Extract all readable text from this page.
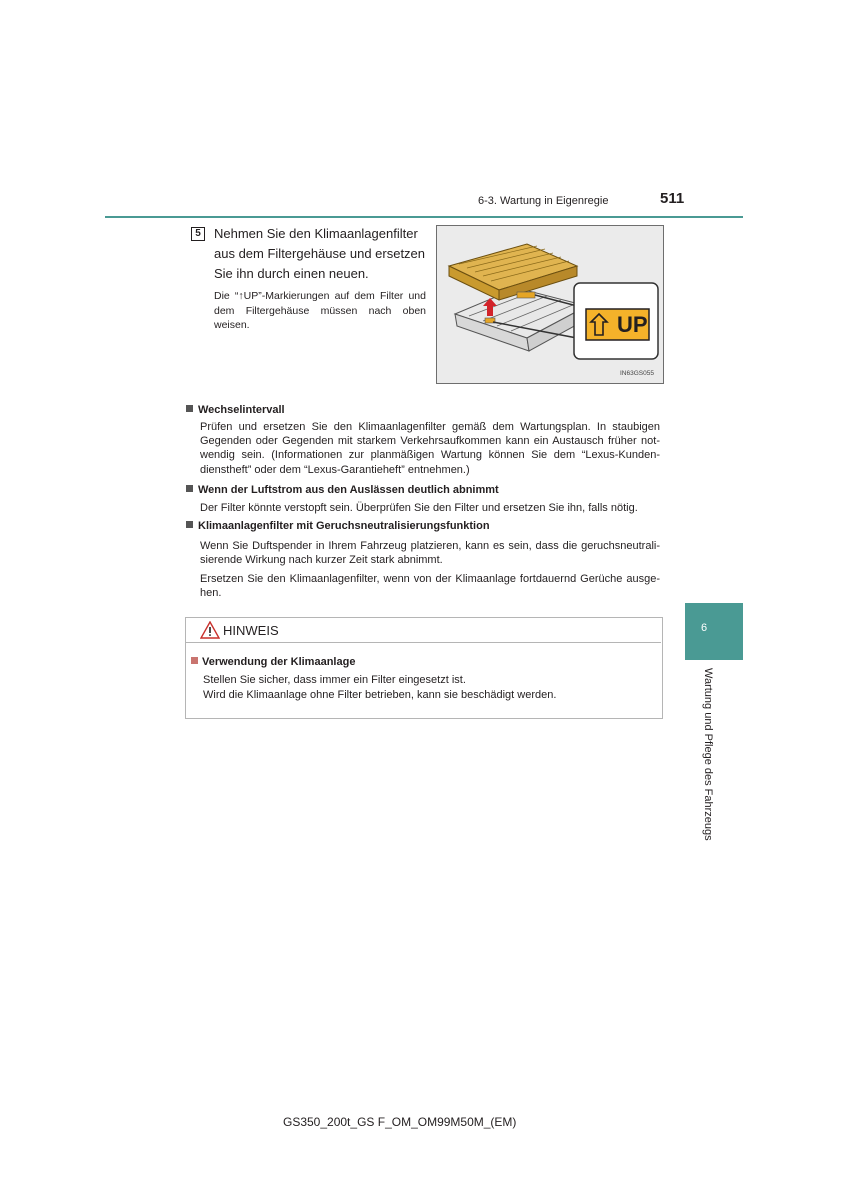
6-3. Wartung in Eigenregie	511
6
Wartung und Pflege des Fahrzeugs
5	Nehmen Sie den Klimaanlagenfilter
aus dem Filtergehäuse und ersetzen
Sie ihn durch einen neuen.
Die “↑UP”-Markierungen auf dem Filter und dem Filtergehäuse müssen nach oben weisen.	UP
IN63GS055
Wechselintervall
Prüfen und ersetzen Sie den Klimaanlagenfilter gemäß dem Wartungsplan. In staubigen Gegenden oder Gegenden mit starkem Verkehrsaufkommen kann ein Austausch früher not-wendig sein. (Informationen zur planmäßigen Wartung können Sie dem “Lexus-Kunden-dienstheft” oder dem “Lexus-Garantieheft” entnehmen.)
Wenn der Luftstrom aus den Auslässen deutlich abnimmt
Der Filter könnte verstopft sein. Überprüfen Sie den Filter und ersetzen Sie ihn, falls nötig.
Klimaanlagenfilter mit Geruchsneutralisierungsfunktion
Wenn Sie Duftspender in Ihrem Fahrzeug platzieren, kann es sein, dass die geruchsneutrali-sierende Wirkung nach kurzer Zeit stark abnimmt.
Ersetzen Sie den Klimaanlagenfilter, wenn von der Klimaanlage fortdauernd Gerüche ausge-hen.
HINWEIS
Verwendung der Klimaanlage
Stellen Sie sicher, dass immer ein Filter eingesetzt ist.
Wird die Klimaanlage ohne Filter betrieben, kann sie beschädigt werden.
GS350_200t_GS F_OM_OM99M50M_(EM)
